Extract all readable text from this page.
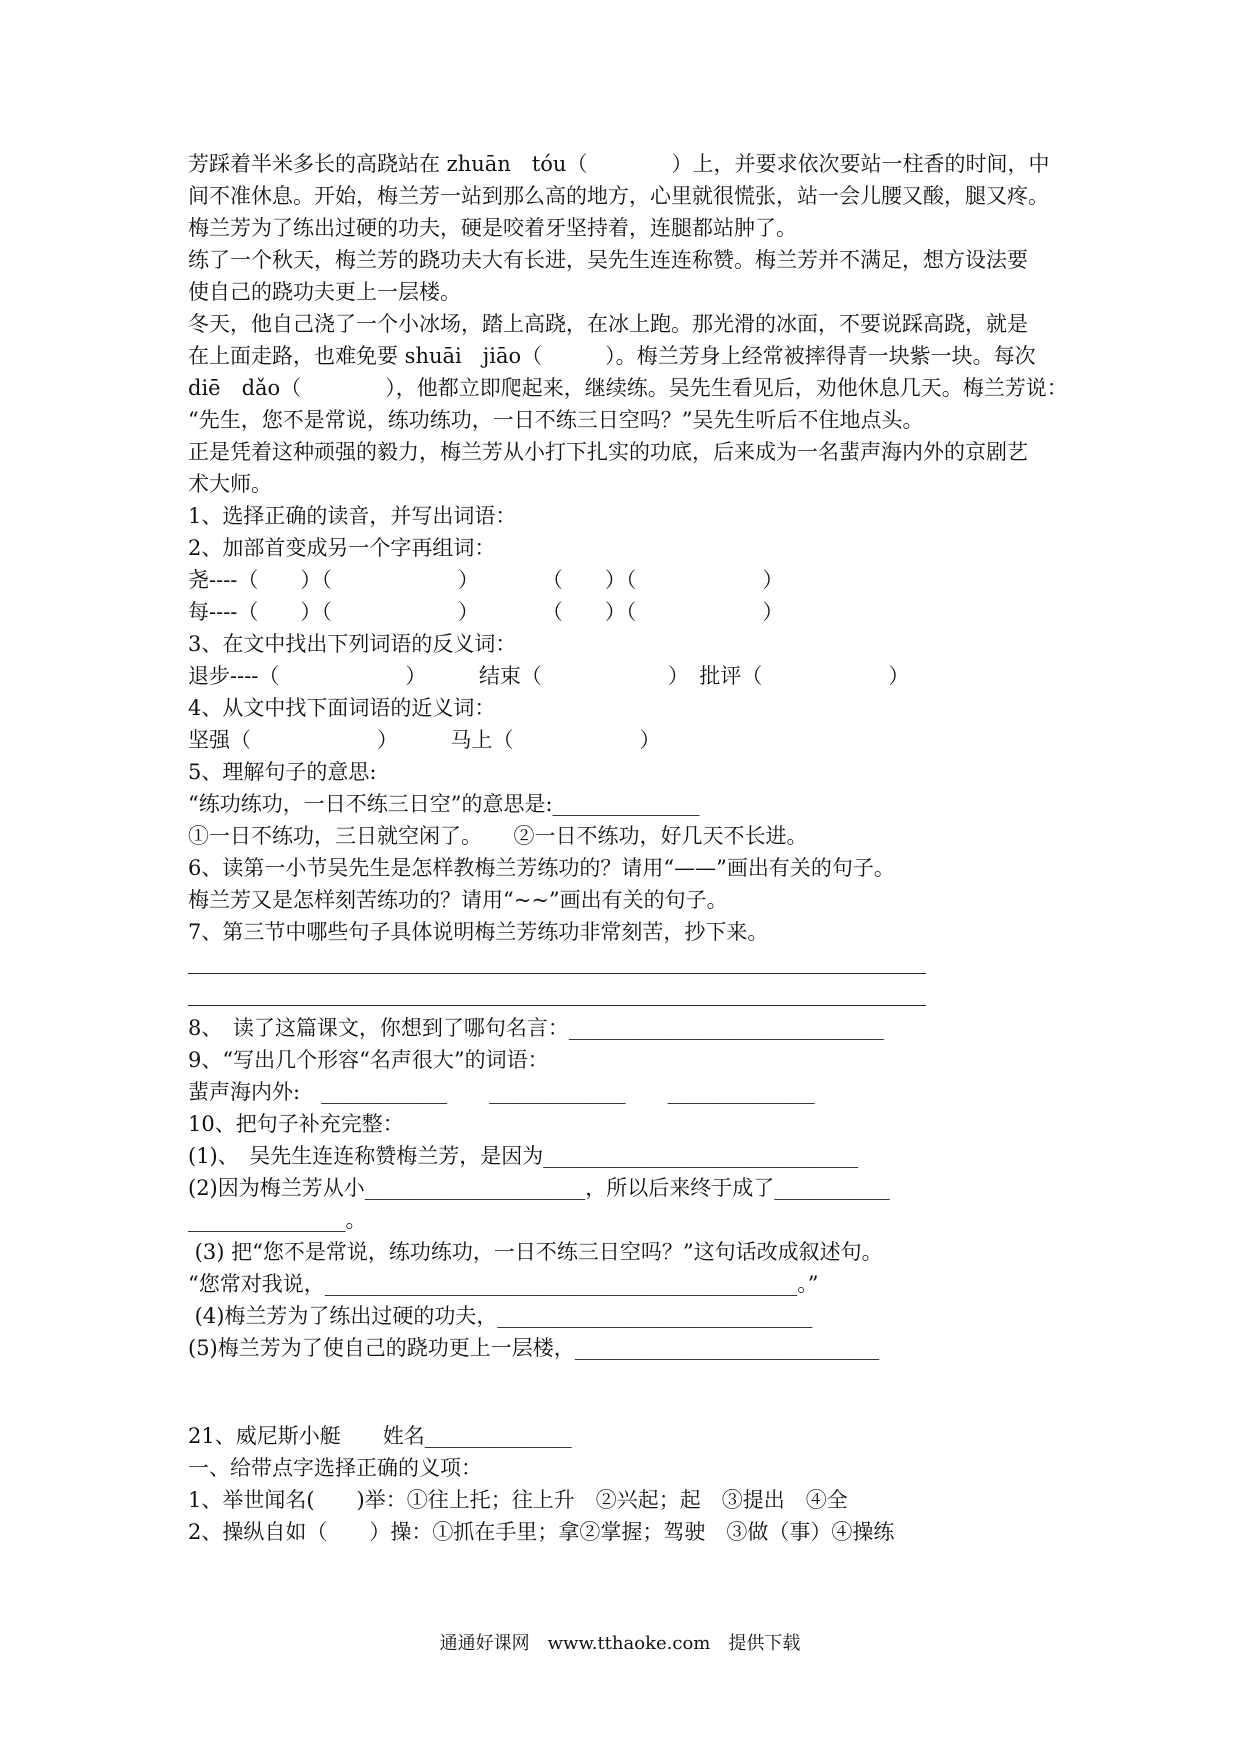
芳踩着半米多长的高跷站在 zhuān　tóu（　　　　）上，并要求依次要站一柱香的时间，中
间不准休息。开始，梅兰芳一站到那么高的地方，心里就很慌张，站一会儿腰又酸，腿又疼。
梅兰芳为了练出过硬的功夫，硬是咬着牙坚持着，连腿都站肿了。
练了一个秋天，梅兰芳的跷功夫大有长进，吴先生连连称赞。梅兰芳并不满足，想方设法要
使自己的跷功夫更上一层楼。
冬天，他自己浇了一个小冰场，踏上高跷，在冰上跑。那光滑的冰面，不要说踩高跷，就是
在上面走路，也难免要 shuāi　jiāo（　　　）。梅兰芳身上经常被摔得青一块紫一块。每次
diē　dǎo（　　　　），他都立即爬起来，继续练。吴先生看见后，劝他休息几天。梅兰芳说：
“先生，您不是常说，练功练功，一日不练三日空吗？”吴先生听后不住地点头。
正是凭着这种顽强的毅力，梅兰芳从小打下扎实的功底，后来成为一名蜚声海内外的京剧艺
术大师。
1、选择正确的读音，并写出词语：
2、加部首变成另一个字再组词：
尧----（　　）（　　　　　　）　　　　（　　）（　　　　　　）
每----（　　）（　　　　　　）　　　　（　　）（　　　　　　）
3、在文中找出下列词语的反义词：
退步----（　　　　　　）　　　结束（　　　　　　）　批评（　　　　　　）
4、从文中找下面词语的近义词：
坚强（　　　　　　）　　　马上（　　　　　　）
5、理解句子的意思:
“练功练功，一日不练三日空”的意思是:______________
①一日不练功，三日就空闲了。　　②一日不练功，好几天不长进。
6、读第一小节吴先生是怎样教梅兰芳练功的？请用“——”画出有关的句子。
梅兰芳又是怎样刻苦练功的？请用“~~”画出有关的句子。
7、第三节中哪些句子具体说明梅兰芳练功非常刻苦，抄下来。
8、　读了这篇课文，你想到了哪句名言：______________________________
9、“写出几个形容“名声很大”的词语：
蜚声海内外:　____________　　_____________　　______________
10、把句子补充完整：
(1)、　吴先生连连称赞梅兰芳，是因为______________________________
(2)因为梅兰芳从小_____________________，所以后来终于成了___________
_______________。
(3) 把“您不是常说，练功练功，一日不练三日空吗？”这句话改成叙述句。
“您常对我说，_____________________________________________。”
(4)梅兰芳为了练出过硬的功夫，______________________________
(5)梅兰芳为了使自己的跷功更上一层楼，_____________________________
21、威尼斯小艇　　姓名______________
一、给带点字选择正确的义项：
1、举世闻名(　　)举：①往上托；往上升　②兴起；起　③提出　④全
2、操纵自如（　　）操：①抓在手里；拿②掌握；驾驶　③做（事）④操练
通通好课网　www.tthaoke.com　提供下载
